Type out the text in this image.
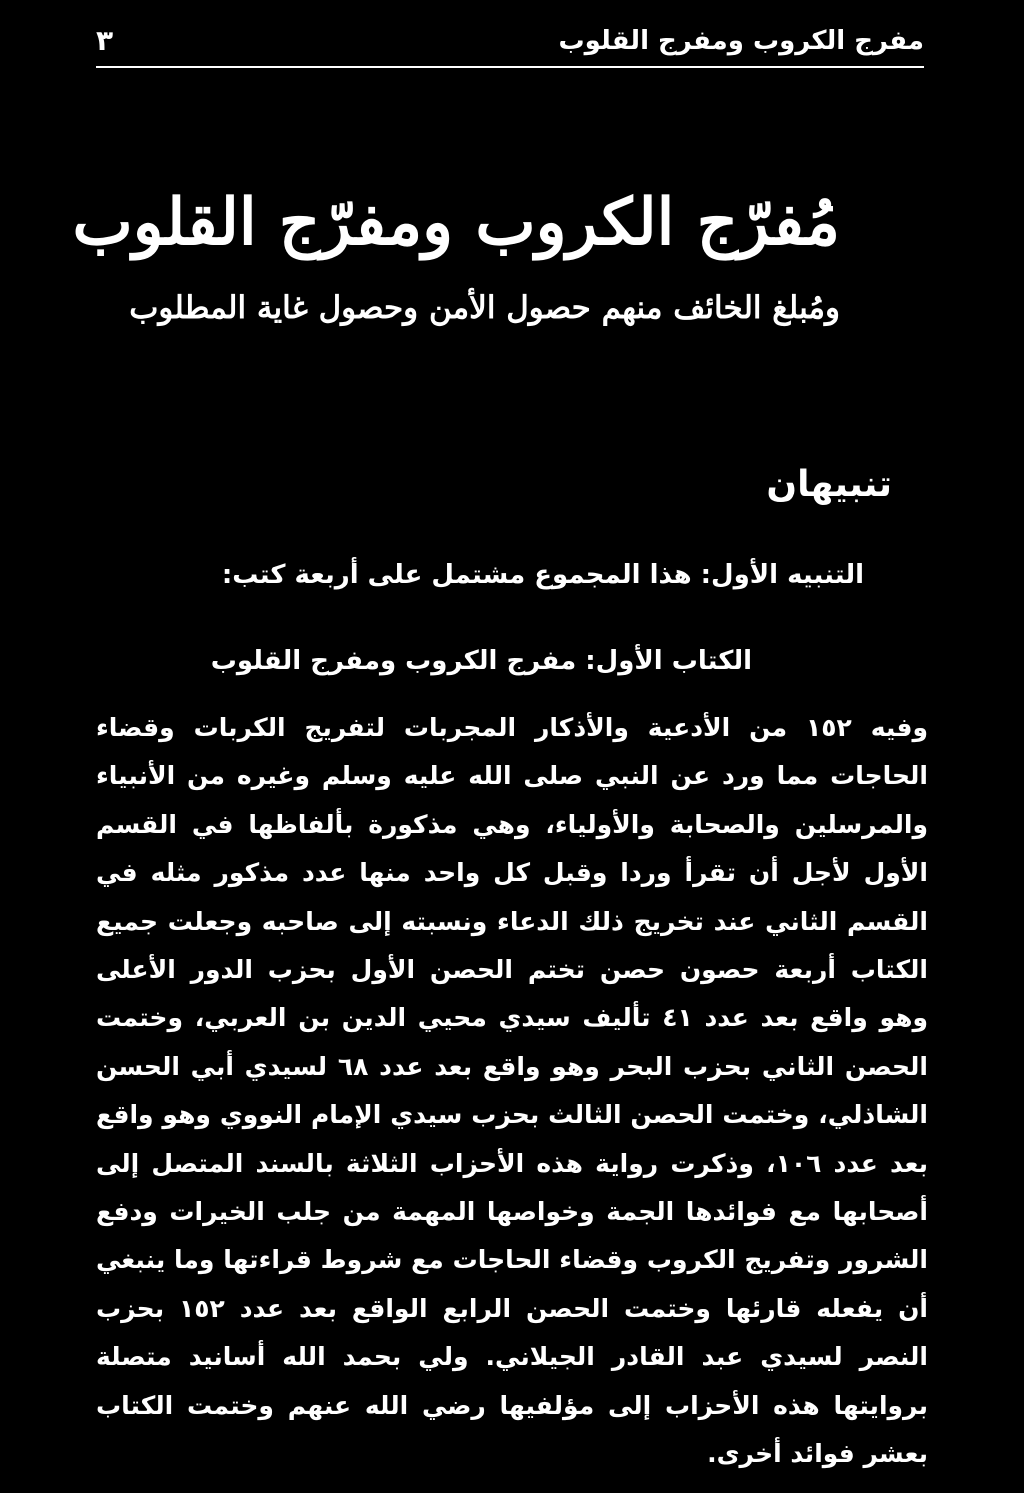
مفرج الكروب ومفرج القلوب
٣
مُفرّج الكروب ومفرّج القلوب
ومُبلغ الخائف منهم حصول الأمن وحصول غاية المطلوب
تنبيهان
التنبيه الأول: هذا المجموع مشتمل على أربعة كتب:
الكتاب الأول: مفرج الكروب ومفرج القلوب
وفيه ١٥٢ من الأدعية والأذكار المجربات لتفريج الكربات وقضاء الحاجات مما ورد عن النبي صلى الله عليه وسلم وغيره من الأنبياء والمرسلين والصحابة والأولياء، وهي مذكورة بألفاظها في القسم الأول لأجل أن تقرأ وردا وقبل كل واحد منها عدد مذكور مثله في القسم الثاني عند تخريج ذلك الدعاء ونسبته إلى صاحبه وجعلت جميع الكتاب أربعة حصون حصن تختم الحصن الأول بحزب الدور الأعلى وهو واقع بعد عدد ٤١ تأليف سيدي محيي الدين بن العربي، وختمت الحصن الثاني بحزب البحر وهو واقع بعد عدد ٦٨ لسيدي أبي الحسن الشاذلي، وختمت الحصن الثالث بحزب سيدي الإمام النووي وهو واقع بعد عدد ١٠٦، وذكرت رواية هذه الأحزاب الثلاثة بالسند المتصل إلى أصحابها مع فوائدها الجمة وخواصها المهمة من جلب الخيرات ودفع الشرور وتفريج الكروب وقضاء الحاجات مع شروط قراءتها وما ينبغي أن يفعله قارئها وختمت الحصن الرابع الواقع بعد عدد ١٥٢ بحزب النصر لسيدي عبد القادر الجيلاني. ولي بحمد الله أسانيد متصلة بروايتها هذه الأحزاب إلى مؤلفيها رضي الله عنهم وختمت الكتاب بعشر فوائد أخرى.
